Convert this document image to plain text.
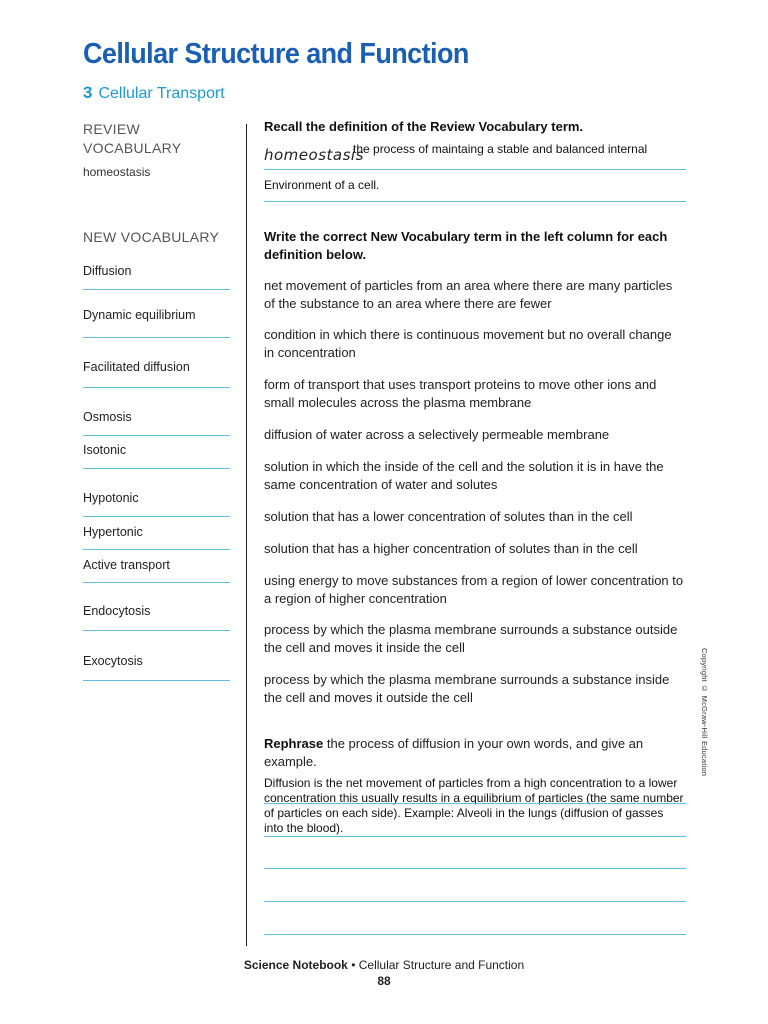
Cellular Structure and Function
3 Cellular Transport
REVIEW
VOCABULARY
homeostasis
NEW VOCABULARY
Diffusion
Dynamic equilibrium
Facilitated diffusion
Osmosis
Isotonic
Hypotonic
Hypertonic
Active transport
Endocytosis
Exocytosis
Recall the definition of the Review Vocabulary term.
homeostasis
the process of maintaing a stable and balanced internal
Environment of a cell.
Write the correct New Vocabulary term in the left column for each definition below.
net movement of particles from an area where there are many particles of the substance to an area where there are fewer
condition in which there is continuous movement but no overall change in concentration
form of transport that uses transport proteins to move other ions and small molecules across the plasma membrane
diffusion of water across a selectively permeable membrane
solution in which the inside of the cell and the solution it is in have the same concentration of water and solutes
solution that has a lower concentration of solutes than in the cell
solution that has a higher concentration of solutes than in the cell
using energy to move substances from a region of lower concentration to a region of higher concentration
process by which the plasma membrane surrounds a substance outside the cell and moves it inside the cell
process by which the plasma membrane surrounds a substance inside the cell and moves it outside the cell
Rephrase the process of diffusion in your own words, and give an example.
Diffusion is the net movement of particles from a high concentration to a lower concentration this usually results in a equilibrium of particles (the same number of particles on each side). Example: Alveoli in the lungs (diffusion of gasses into the blood).
Copyright © McGraw-Hill Education
Science Notebook • Cellular Structure and Function
88
